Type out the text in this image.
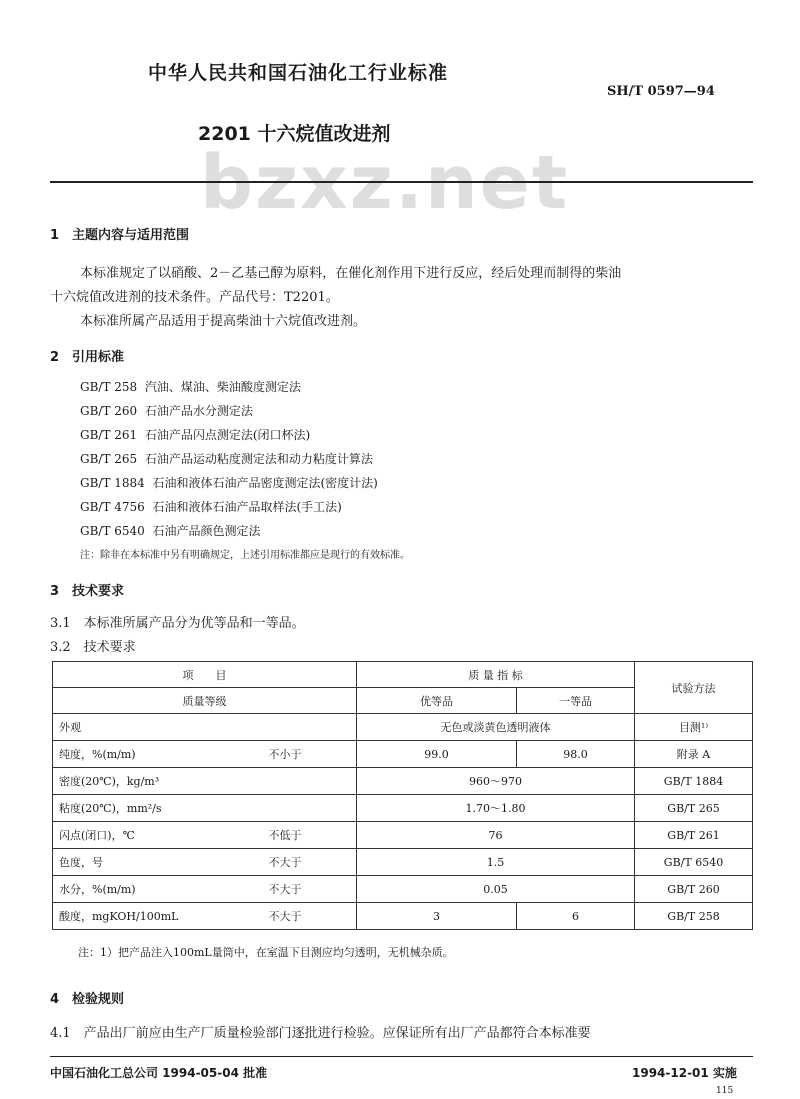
中华人民共和国石油化工行业标准
SH/T 0597—94
bzxz.net
2201 十六烷值改进剂
1　主题内容与适用范围
本标准规定了以硝酸、2－乙基己醇为原料，在催化剂作用下进行反应，经后处理而制得的柴油
十六烷值改进剂的技术条件。产品代号：T2201。
本标准所属产品适用于提高柴油十六烷值改进剂。
2　引用标准
GB/T 258 汽油、煤油、柴油酸度测定法
GB/T 260 石油产品水分测定法
GB/T 261 石油产品闪点测定法(闭口杯法)
GB/T 265 石油产品运动粘度测定法和动力粘度计算法
GB/T 1884 石油和液体石油产品密度测定法(密度计法)
GB/T 4756 石油和液体石油产品取样法(手工法)
GB/T 6540 石油产品颜色测定法
注：除非在本标准中另有明确规定，上述引用标准都应是现行的有效标准。
3　技术要求
3.1　本标准所属产品分为优等品和一等品。
3.2　技术要求
项　　目		质 量 指 标		试验方法
质量等级		优等品	一等品	
外观		无色或淡黄色透明液体		目测¹⁾
纯度，%(m/m)	不小于	99.0	98.0	附录 A
密度(20℃)，kg/m³		960～970		GB/T 1884
粘度(20℃)，mm²/s		1.70～1.80		GB/T 265
闪点(闭口)，℃	不低于	76		GB/T 261
色度，号	不大于	1.5		GB/T 6540
水分，%(m/m)	不大于	0.05		GB/T 260
酸度，mgKOH/100mL	不大于	3	6	GB/T 258
注：1）把产品注入100mL量筒中，在室温下目测应均匀透明，无机械杂质。
4　检验规则
4.1　产品出厂前应由生产厂质量检验部门逐批进行检验。应保证所有出厂产品都符合本标准要
中国石油化工总公司 1994-05-04 批准	1994-12-01 实施
115
